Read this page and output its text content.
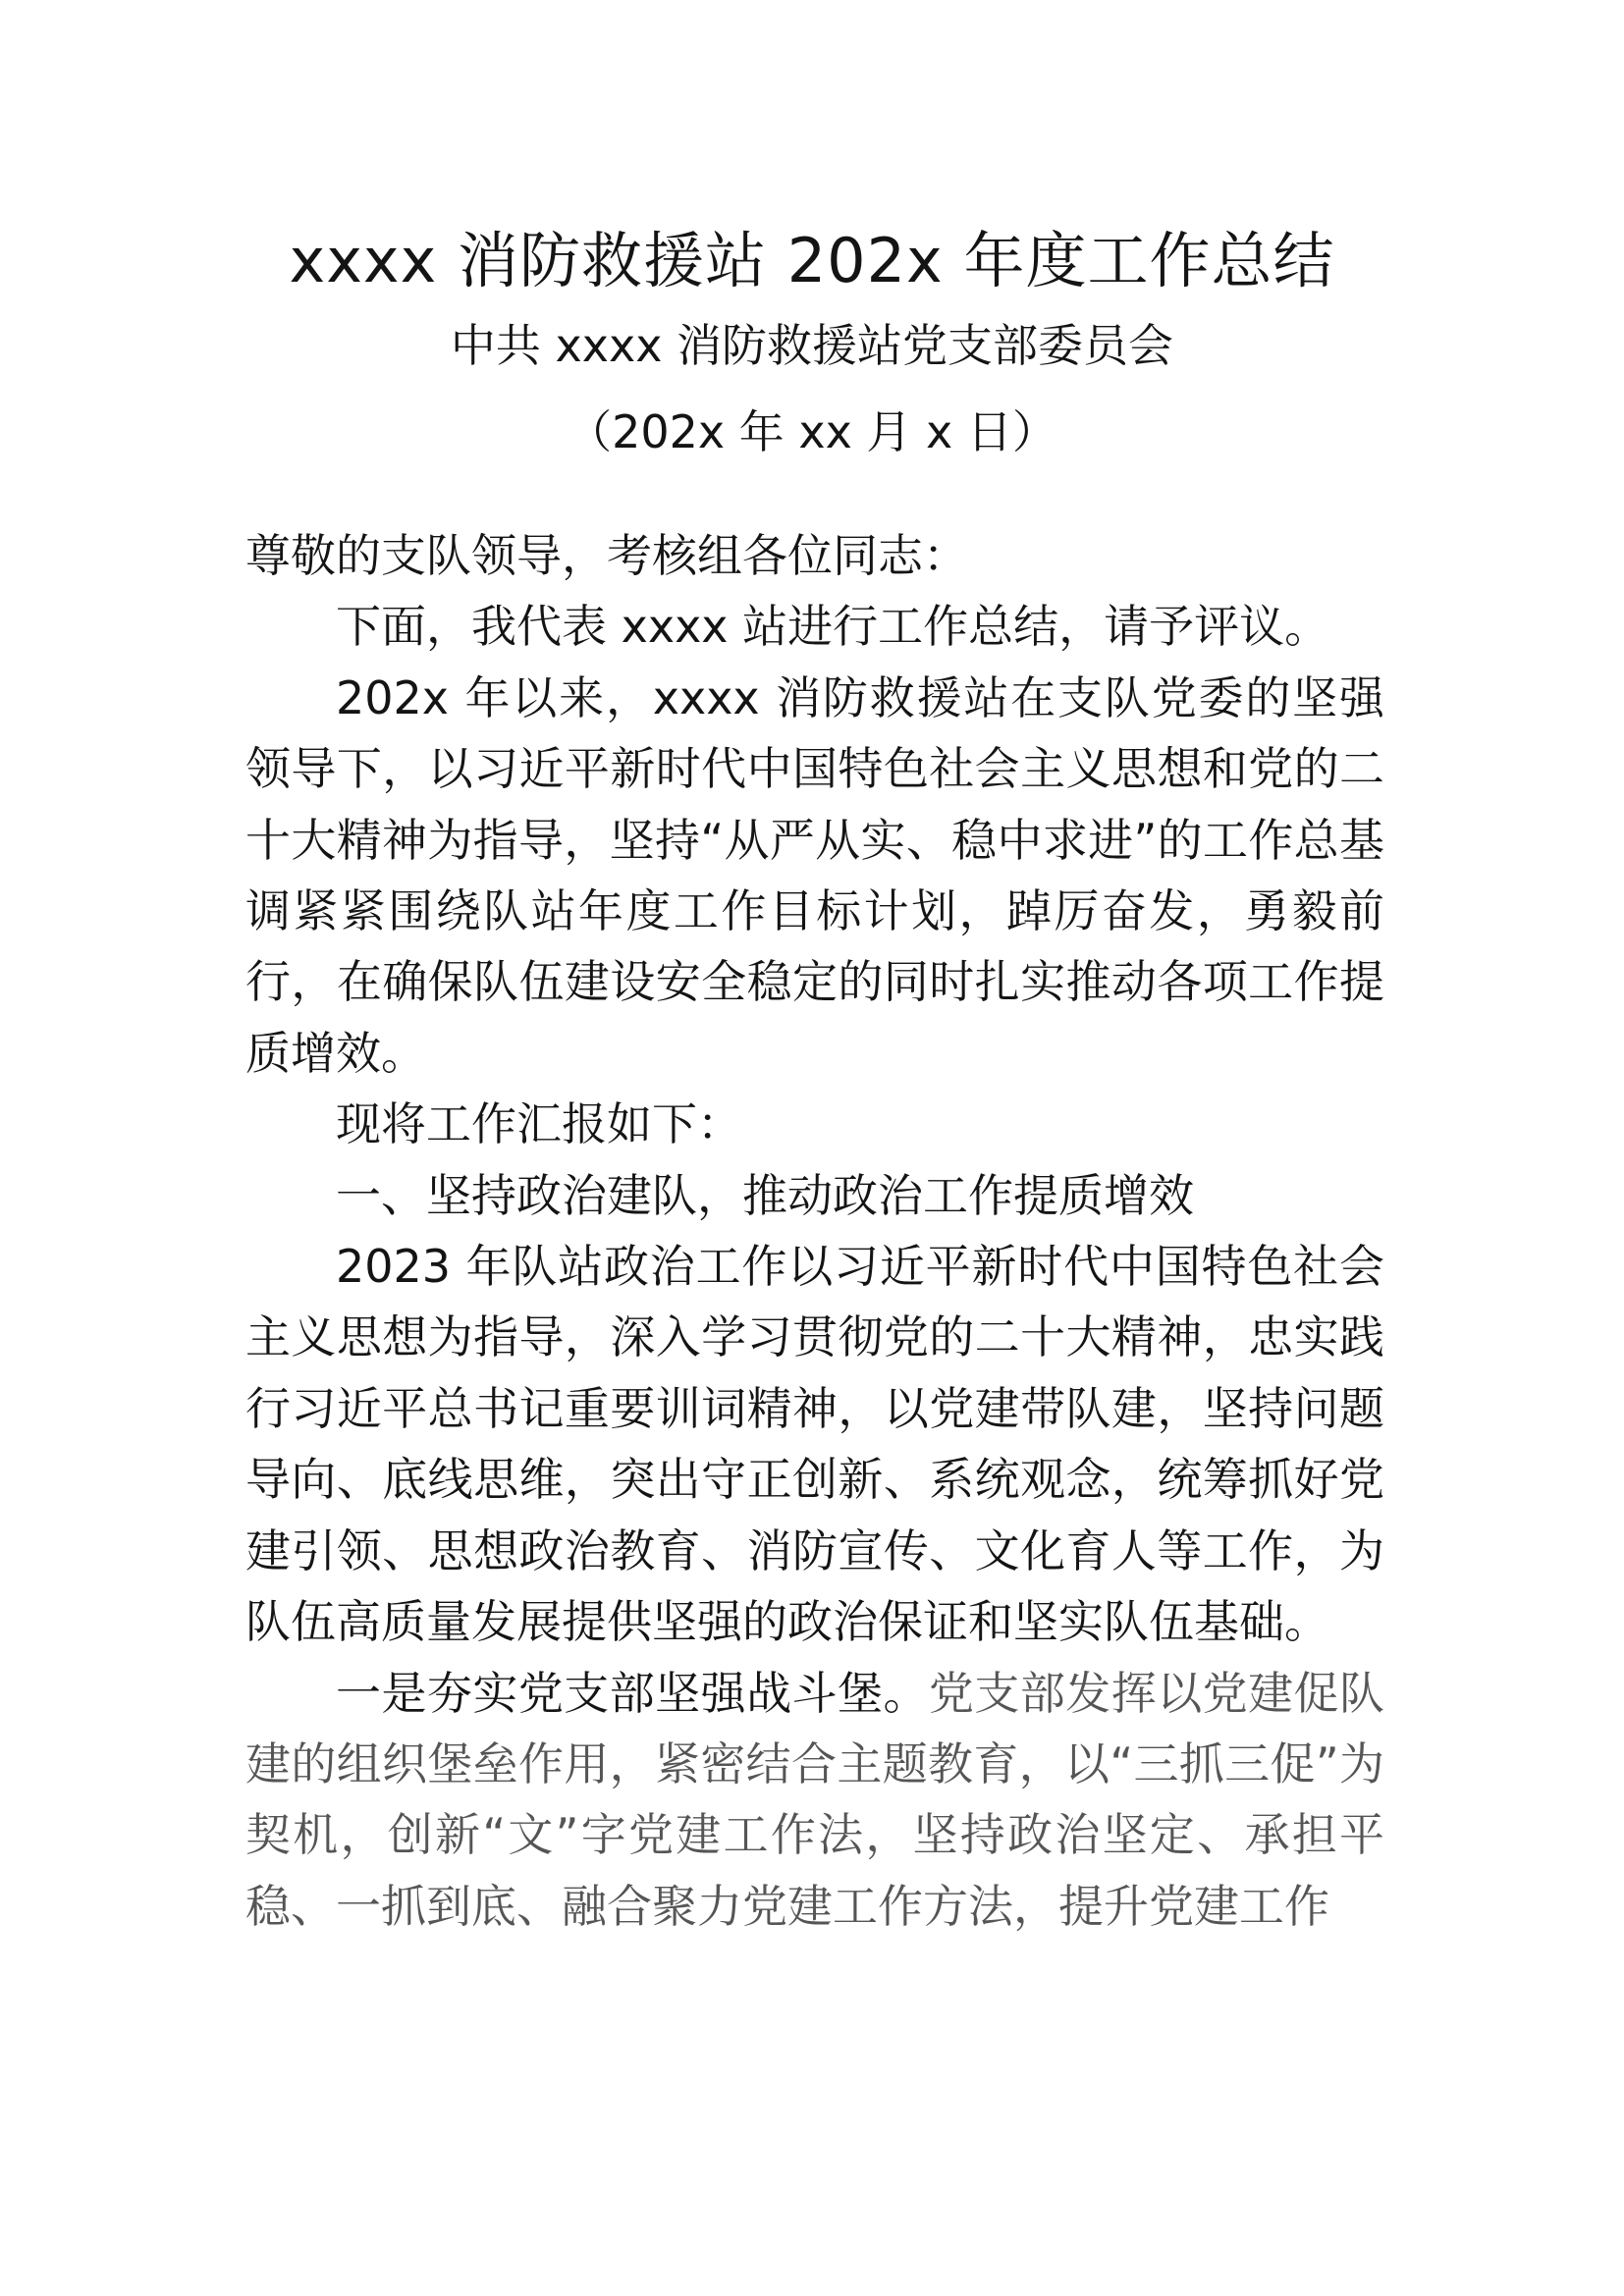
xxxx 消防救援站 202x 年度工作总结
中共 xxxx 消防救援站党支部委员会
（202x 年 xx 月 x 日）

尊敬的支队领导，考核组各位同志：

下面，我代表 xxxx 站进行工作总结，请予评议。

202x 年以来，xxxx 消防救援站在支队党委的坚强领导下，以习近平新时代中国特色社会主义思想和党的二十大精神为指导，坚持“从严从实、稳中求进”的工作总基调紧紧围绕队站年度工作目标计划，踔厉奋发，勇毅前行，在确保队伍建设安全稳定的同时扎实推动各项工作提质增效。

现将工作汇报如下：

一、坚持政治建队，推动政治工作提质增效

2023 年队站政治工作以习近平新时代中国特色社会主义思想为指导，深入学习贯彻党的二十大精神，忠实践行习近平总书记重要训词精神，以党建带队建，坚持问题导向、底线思维，突出守正创新、系统观念，统筹抓好党建引领、思想政治教育、消防宣传、文化育人等工作，为队伍高质量发展提供坚强的政治保证和坚实队伍基础。

一是夯实党支部坚强战斗堡。党支部发挥以党建促队建的组织堡垒作用，紧密结合主题教育，以“三抓三促”为契机，创新“文”字党建工作法，坚持政治坚定、承担平稳、一抓到底、融合聚力党建工作方法，提升党建工作
